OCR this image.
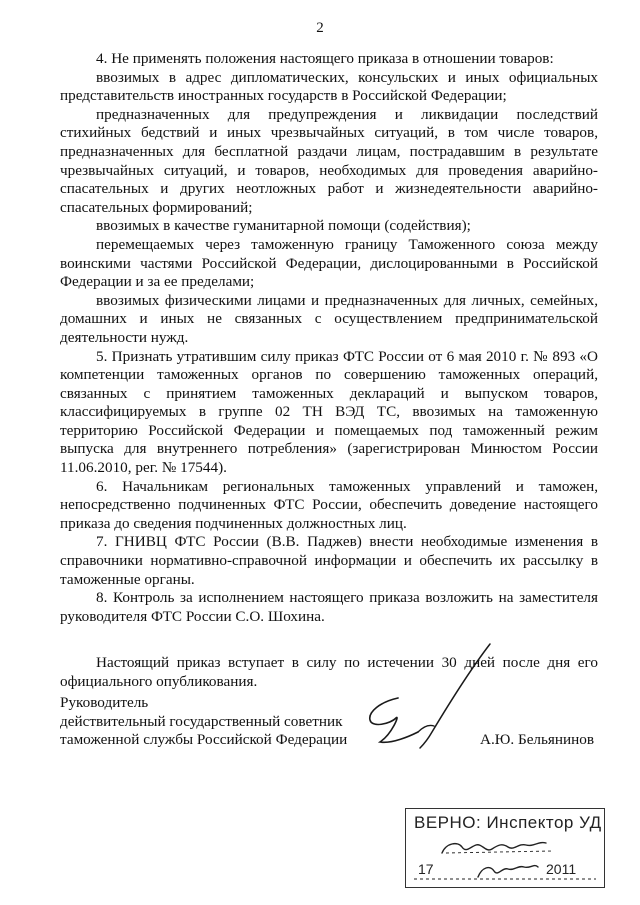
2

4. Не применять положения настоящего приказа в отношении товаров:

ввозимых в адрес дипломатических, консульских и иных официальных представительств иностранных государств в Российской Федерации;

предназначенных для предупреждения и ликвидации последствий стихийных бедствий и иных чрезвычайных ситуаций, в том числе товаров, предназначенных для бесплатной раздачи лицам, пострадавшим в результате чрезвычайных ситуаций, и товаров, необходимых для проведения аварийно-спасательных и других неотложных работ и жизнедеятельности аварийно-спасательных формирований;

ввозимых в качестве гуманитарной помощи (содействия);

перемещаемых через таможенную границу Таможенного союза между воинскими частями Российской Федерации, дислоцированными в Российской Федерации и за ее пределами;

ввозимых физическими лицами и предназначенных для личных, семейных, домашних и иных не связанных с осуществлением предпринимательской деятельности нужд.

5. Признать утратившим силу приказ ФТС России от 6 мая 2010 г. № 893 «О компетенции таможенных органов по совершению таможенных операций, связанных с принятием таможенных деклараций и выпуском товаров, классифицируемых в группе 02 ТН ВЭД ТС, ввозимых на таможенную территорию Российской Федерации и помещаемых под таможенный режим выпуска для внутреннего потребления» (зарегистрирован Минюстом России 11.06.2010, рег. № 17544).

6. Начальникам региональных таможенных управлений и таможен, непосредственно подчиненных ФТС России, обеспечить доведение настоящего приказа до сведения подчиненных должностных лиц.

7. ГНИВЦ ФТС России (В.В. Паджев) внести необходимые изменения в справочники нормативно-справочной информации и обеспечить их рассылку в таможенные органы.

8. Контроль за исполнением настоящего приказа возложить на заместителя руководителя ФТС России С.О. Шохина.

Настоящий приказ вступает в силу по истечении 30 дней после дня его официального опубликования.

Руководитель
действительный государственный советник
таможенной службы Российской Федерации	А.Ю. Бельянинов
ВЕРНО: Инспектор УД
17	2011
